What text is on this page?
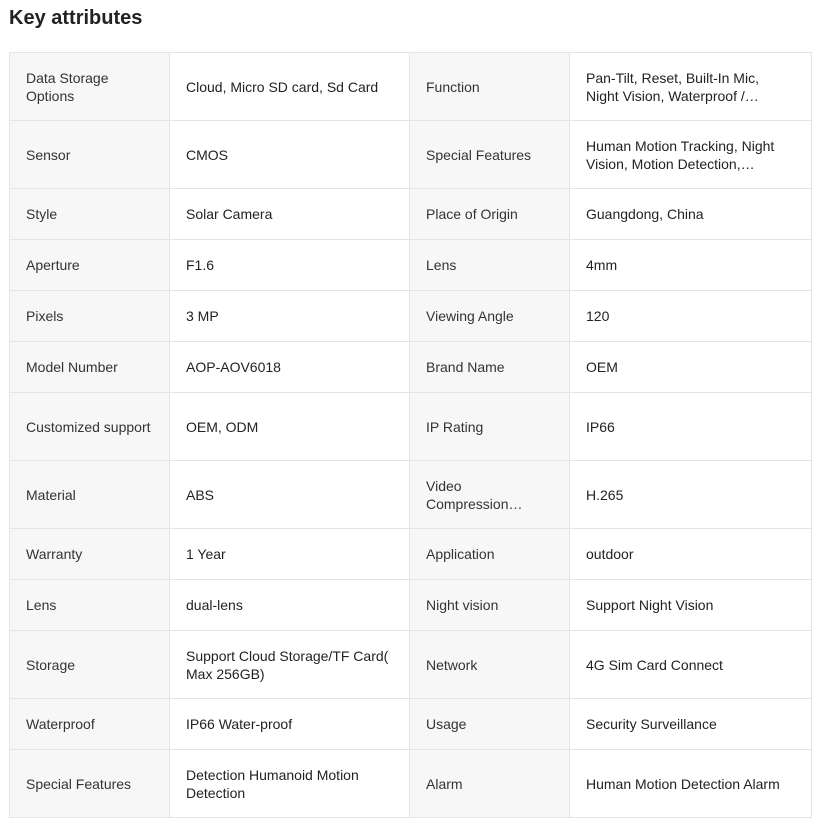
Key attributes
Data Storage Options	Cloud, Micro SD card, Sd Card	Function	Pan-Tilt, Reset, Built-In Mic, Night Vision, Waterproof /…

Sensor	CMOS	Special Features	Human Motion Tracking, Night Vision, Motion Detection,…

Style	Solar Camera	Place of Origin	Guangdong, China

Aperture	F1.6	Lens	4mm

Pixels	3 MP	Viewing Angle	120

Model Number	AOP-AOV6018	Brand Name	OEM

Customized support	OEM, ODM	IP Rating	IP66

Material	ABS	Video Compression…	H.265

Warranty	1 Year	Application	outdoor

Lens	dual-lens	Night vision	Support Night Vision

Storage	Support Cloud Storage/TF Card( Max 256GB)	Network	4G Sim Card Connect

Waterproof	IP66 Water-proof	Usage	Security Surveillance

Special Features	Detection Humanoid Motion Detection	Alarm	Human Motion Detection Alarm
